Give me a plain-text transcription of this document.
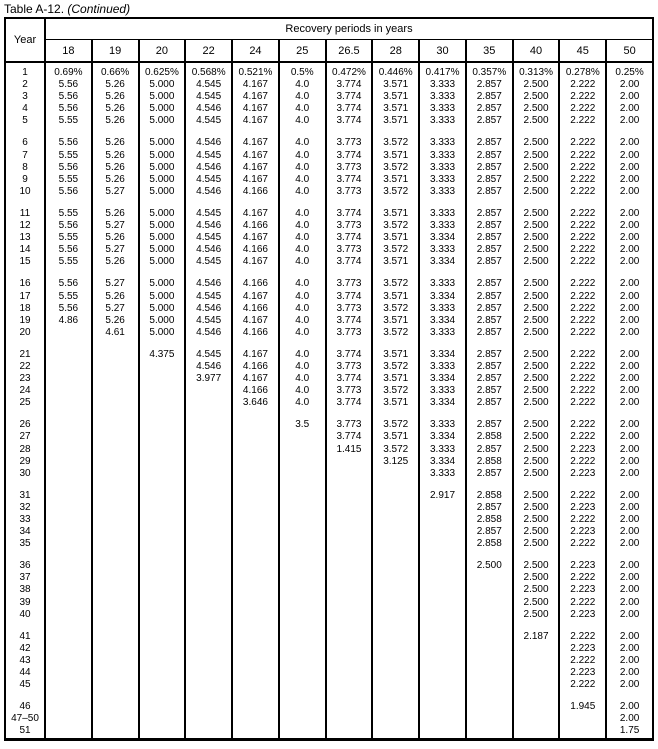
Table A-12. (Continued)
Year	Recovery periods in years												
	18	19	20	22	24	25	26.5	28	30	35	40	45	50
1	0.69%	0.66%	0.625%	0.568%	0.521%	0.5%	0.472%	0.446%	0.417%	0.357%	0.313%	0.278%	0.25%
2	5.56	5.26	5.000	4.545	4.167	4.0	3.774	3.571	3.333	2.857	2.500	2.222	2.00
3	5.56	5.26	5.000	4.545	4.167	4.0	3.774	3.571	3.333	2.857	2.500	2.222	2.00
4	5.56	5.26	5.000	4.546	4.167	4.0	3.774	3.571	3.333	2.857	2.500	2.222	2.00
5	5.55	5.26	5.000	4.545	4.167	4.0	3.774	3.571	3.333	2.857	2.500	2.222	2.00

6	5.56	5.26	5.000	4.546	4.167	4.0	3.773	3.572	3.333	2.857	2.500	2.222	2.00
7	5.55	5.26	5.000	4.545	4.167	4.0	3.774	3.571	3.333	2.857	2.500	2.222	2.00
8	5.56	5.26	5.000	4.546	4.167	4.0	3.773	3.572	3.333	2.857	2.500	2.222	2.00
9	5.55	5.26	5.000	4.545	4.167	4.0	3.774	3.571	3.333	2.857	2.500	2.222	2.00
10	5.56	5.27	5.000	4.546	4.166	4.0	3.773	3.572	3.333	2.857	2.500	2.222	2.00

11	5.55	5.26	5.000	4.545	4.167	4.0	3.774	3.571	3.333	2.857	2.500	2.222	2.00
12	5.56	5.27	5.000	4.546	4.166	4.0	3.773	3.572	3.333	2.857	2.500	2.222	2.00
13	5.55	5.26	5.000	4.545	4.167	4.0	3.774	3.571	3.334	2.857	2.500	2.222	2.00
14	5.56	5.27	5.000	4.546	4.166	4.0	3.773	3.572	3.333	2.857	2.500	2.222	2.00
15	5.55	5.26	5.000	4.545	4.167	4.0	3.774	3.571	3.334	2.857	2.500	2.222	2.00

16	5.56	5.27	5.000	4.546	4.166	4.0	3.773	3.572	3.333	2.857	2.500	2.222	2.00
17	5.55	5.26	5.000	4.545	4.167	4.0	3.774	3.571	3.334	2.857	2.500	2.222	2.00
18	5.56	5.27	5.000	4.546	4.166	4.0	3.773	3.572	3.333	2.857	2.500	2.222	2.00
19	4.86	5.26	5.000	4.545	4.167	4.0	3.774	3.571	3.334	2.857	2.500	2.222	2.00
20		4.61	5.000	4.546	4.166	4.0	3.773	3.572	3.333	2.857	2.500	2.222	2.00

21			4.375	4.545	4.167	4.0	3.774	3.571	3.334	2.857	2.500	2.222	2.00
22				4.546	4.166	4.0	3.773	3.572	3.333	2.857	2.500	2.222	2.00
23				3.977	4.167	4.0	3.774	3.571	3.334	2.857	2.500	2.222	2.00
24					4.166	4.0	3.773	3.572	3.333	2.857	2.500	2.222	2.00
25					3.646	4.0	3.774	3.571	3.334	2.857	2.500	2.222	2.00

26						3.5	3.773	3.572	3.333	2.857	2.500	2.222	2.00
27							3.774	3.571	3.334	2.858	2.500	2.222	2.00
28							1.415	3.572	3.333	2.857	2.500	2.223	2.00
29								3.125	3.334	2.858	2.500	2.222	2.00
30									3.333	2.857	2.500	2.223	2.00

31									2.917	2.858	2.500	2.222	2.00
32										2.857	2.500	2.223	2.00
33										2.858	2.500	2.222	2.00
34										2.857	2.500	2.223	2.00
35										2.858	2.500	2.222	2.00

36										2.500	2.500	2.223	2.00
37											2.500	2.222	2.00
38											2.500	2.223	2.00
39											2.500	2.222	2.00
40											2.500	2.223	2.00

41											2.187	2.222	2.00
42												2.223	2.00
43												2.222	2.00
44												2.223	2.00
45												2.222	2.00

46												1.945	2.00
47–50													2.00
51													1.75
